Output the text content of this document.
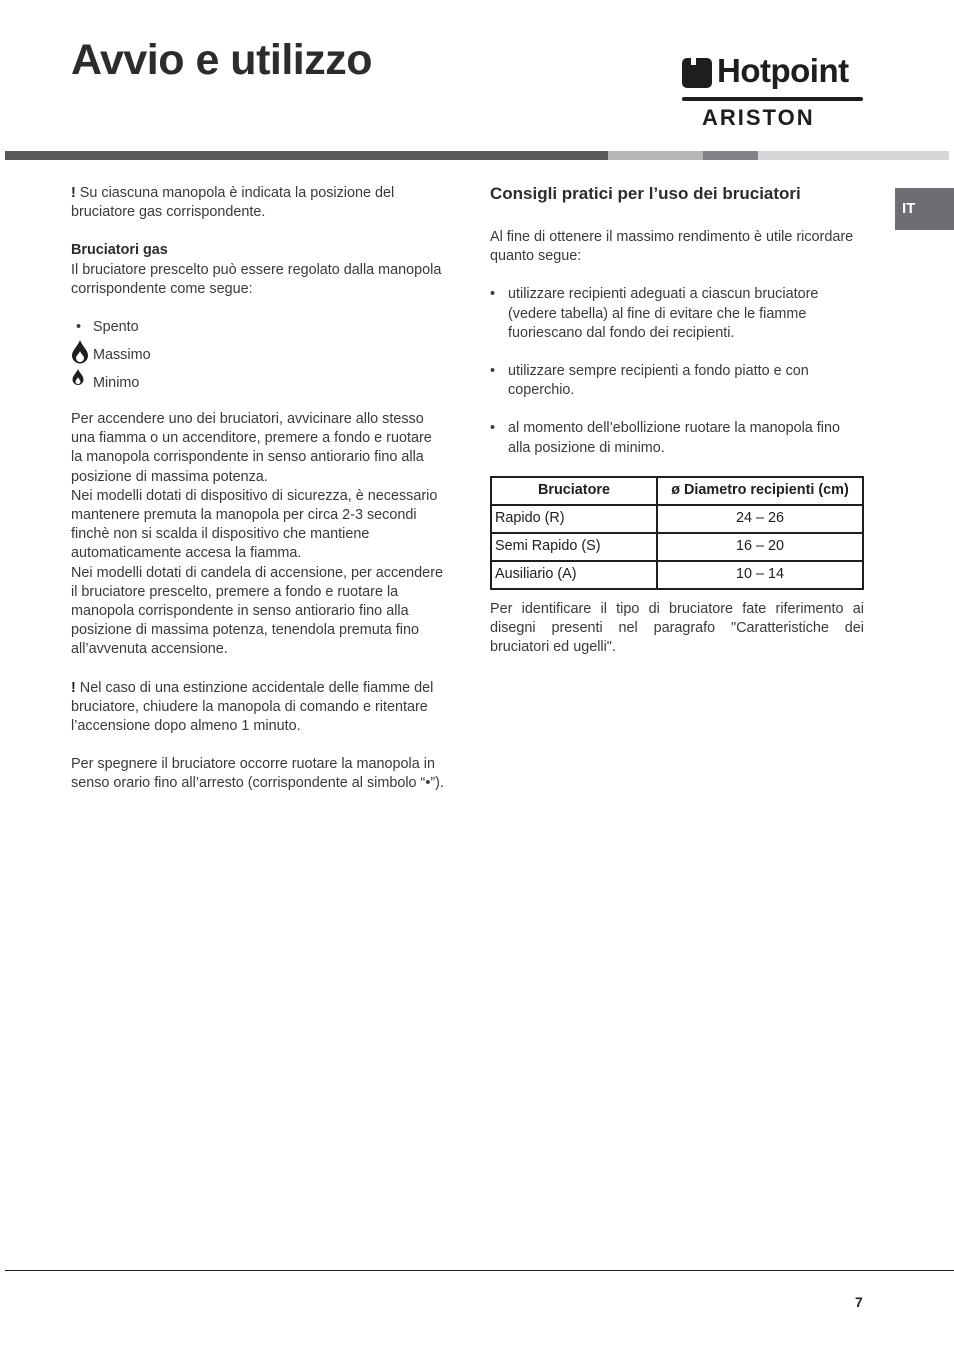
Avvio e utilizzo	Hotpoint
ARISTON
IT

! Su ciascuna manopola è indicata la posizione del bruciatore gas corrispondente.

Bruciatori gas

Il bruciatore prescelto può essere regolato dalla manopola corrispondente come segue:

• Spento
Massimo
Minimo

Per accendere uno dei bruciatori, avvicinare allo stesso una fiamma o un accenditore, premere a fondo e ruotare la manopola corrispondente in senso antiorario fino alla posizione di massima potenza.

Nei modelli dotati di dispositivo di sicurezza, è necessario mantenere premuta la manopola per circa 2-3 secondi finchè non si scalda il dispositivo che mantiene automaticamente accesa la fiamma.

Nei modelli dotati di candela di accensione, per accendere il bruciatore prescelto, premere a fondo e ruotare la manopola corrispondente in senso antiorario fino alla posizione di massima potenza, tenendola premuta fino all’avvenuta accensione.

! Nel caso di una estinzione accidentale delle fiamme del bruciatore, chiudere la manopola di comando e ritentare l’accensione dopo almeno 1 minuto.

Per spegnere il bruciatore occorre ruotare la manopola in senso orario fino all’arresto (corrispondente al simbolo “•”).

Consigli pratici per l’uso dei bruciatori

Al fine di ottenere il massimo rendimento è utile ricordare quanto segue:

• utilizzare recipienti adeguati a ciascun bruciatore (vedere tabella) al fine di evitare che le fiamme fuoriescano dal fondo dei recipienti.
• utilizzare sempre recipienti a fondo piatto e con coperchio.
• al momento dell’ebollizione ruotare la manopola fino alla posizione di minimo.
Bruciatore	ø Diametro recipienti (cm)
Rapido (R)	24 – 26
Semi Rapido (S)	16 – 20
Ausiliario (A)	10 – 14

Per identificare il tipo di bruciatore fate riferimento ai disegni presenti nel paragrafo "Caratteristiche dei bruciatori ed ugelli".

7
